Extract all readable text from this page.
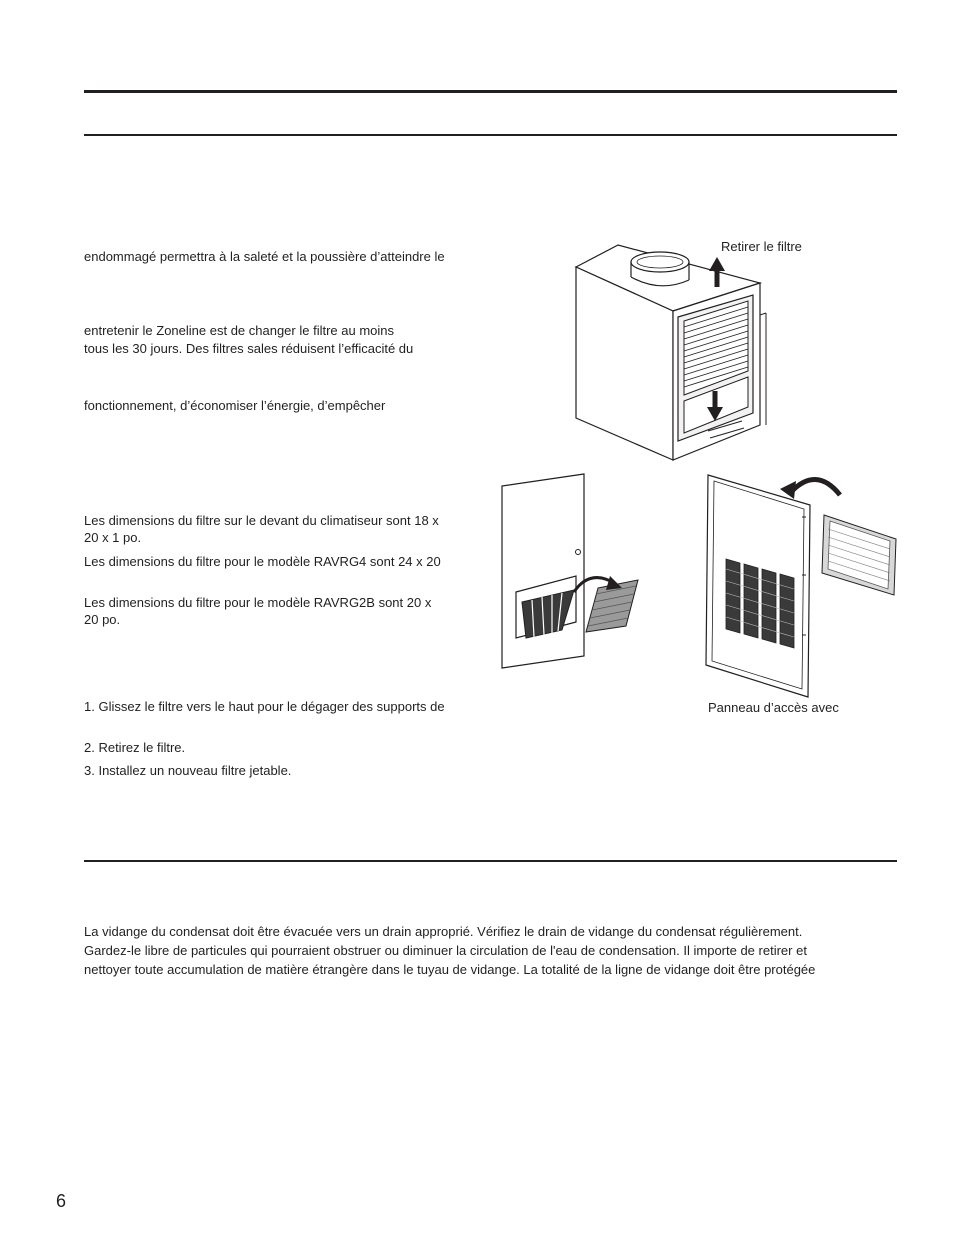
endommagé permettra à la saleté et la poussière d’atteindre le
entretenir le Zoneline est de changer le filtre au moins
tous les 30 jours. Des filtres sales réduisent l’efficacité du
fonctionnement, d’économiser l’énergie, d’empêcher
Les dimensions du filtre sur le devant du climatiseur sont 18 x
20 x 1 po.
Les dimensions du filtre pour le modèle RAVRG4 sont 24 x 20
Les dimensions du filtre pour le modèle RAVRG2B sont 20 x
20 po.
1. Glissez le filtre vers le haut pour le dégager des supports de
2. Retirez le filtre.
3. Installez un nouveau filtre jetable.
Retirer le filtre
Panneau d’accès avec
La vidange du condensat doit être évacuée vers un drain approprié. Vérifiez le drain de vidange du condensat régulièrement.
Gardez-le libre de particules qui pourraient obstruer ou diminuer la circulation de l'eau de condensation. Il importe de retirer et
nettoyer toute accumulation de matière étrangère dans le tuyau de vidange. La totalité de la ligne de vidange doit être protégée
6
